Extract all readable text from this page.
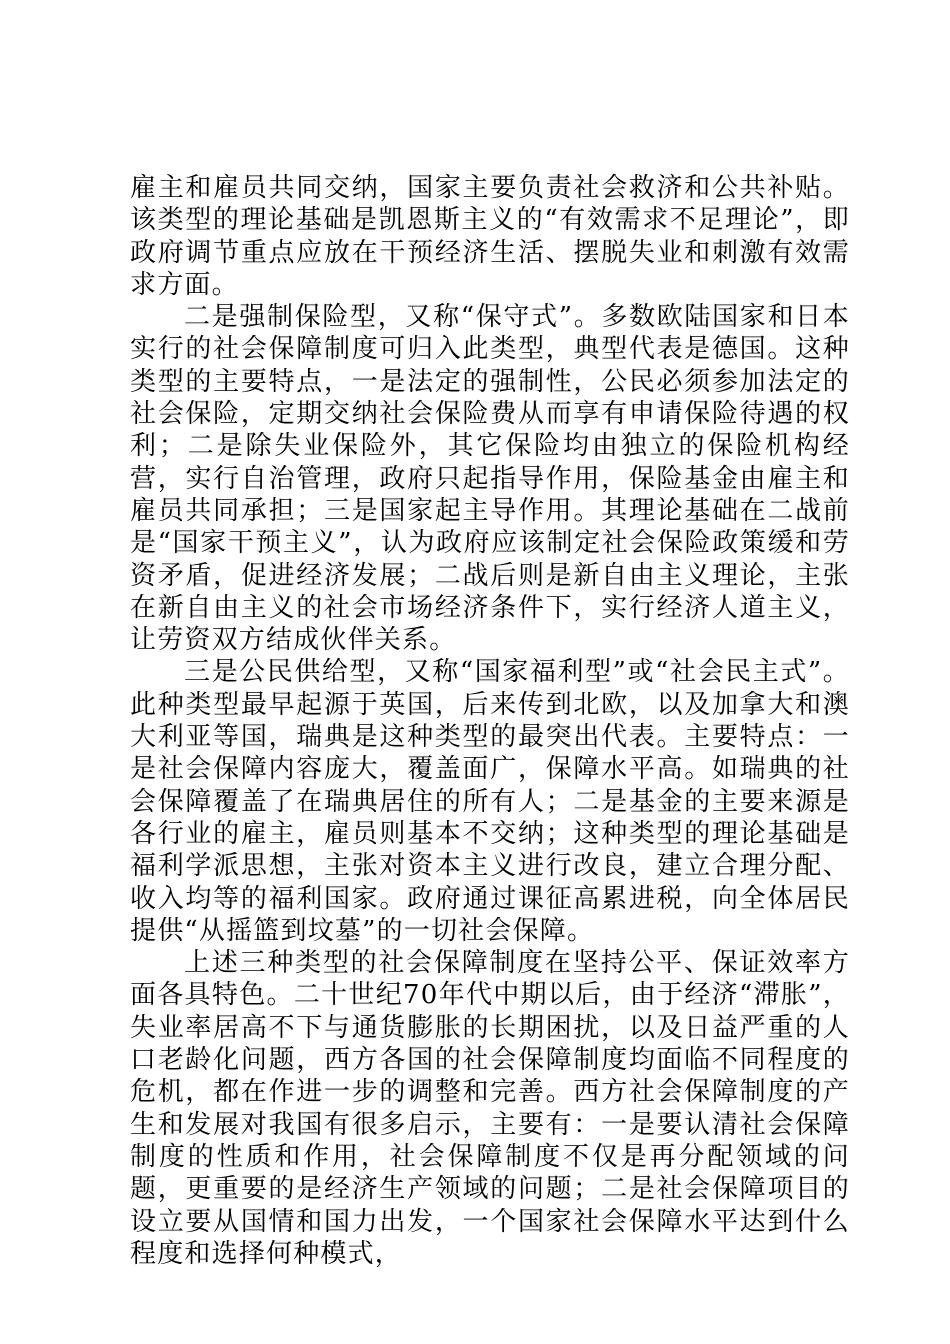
雇主和雇员共同交纳，国家主要负责社会救济和公共补贴。该类型的理论基础是凯恩斯主义的“有效需求不足理论”，即政府调节重点应放在干预经济生活、摆脱失业和刺激有效需求方面。

二是强制保险型，又称“保守式”。多数欧陆国家和日本实行的社会保障制度可归入此类型，典型代表是德国。这种类型的主要特点，一是法定的强制性，公民必须参加法定的社会保险，定期交纳社会保险费从而享有申请保险待遇的权利；二是除失业保险外，其它保险均由独立的保险机构经营，实行自治管理，政府只起指导作用，保险基金由雇主和雇员共同承担；三是国家起主导作用。其理论基础在二战前是“国家干预主义”，认为政府应该制定社会保险政策缓和劳资矛盾，促进经济发展；二战后则是新自由主义理论，主张在新自由主义的社会市场经济条件下，实行经济人道主义，让劳资双方结成伙伴关系。

三是公民供给型，又称“国家福利型”或“社会民主式”。此种类型最早起源于英国，后来传到北欧，以及加拿大和澳大利亚等国，瑞典是这种类型的最突出代表。主要特点：一是社会保障内容庞大，覆盖面广，保障水平高。如瑞典的社会保障覆盖了在瑞典居住的所有人；二是基金的主要来源是各行业的雇主，雇员则基本不交纳；这种类型的理论基础是福利学派思想，主张对资本主义进行改良，建立合理分配、收入均等的福利国家。政府通过课征高累进税，向全体居民提供“从摇篮到坟墓”的一切社会保障。

上述三种类型的社会保障制度在坚持公平、保证效率方面各具特色。二十世纪70年代中期以后，由于经济“滞胀”，失业率居高不下与通货膨胀的长期困扰，以及日益严重的人口老龄化问题，西方各国的社会保障制度均面临不同程度的危机，都在作进一步的调整和完善。西方社会保障制度的产生和发展对我国有很多启示，主要有：一是要认清社会保障制度的性质和作用，社会保障制度不仅是再分配领域的问题，更重要的是经济生产领域的问题；二是社会保障项目的设立要从国情和国力出发，一个国家社会保障水平达到什么程度和选择何种模式，
